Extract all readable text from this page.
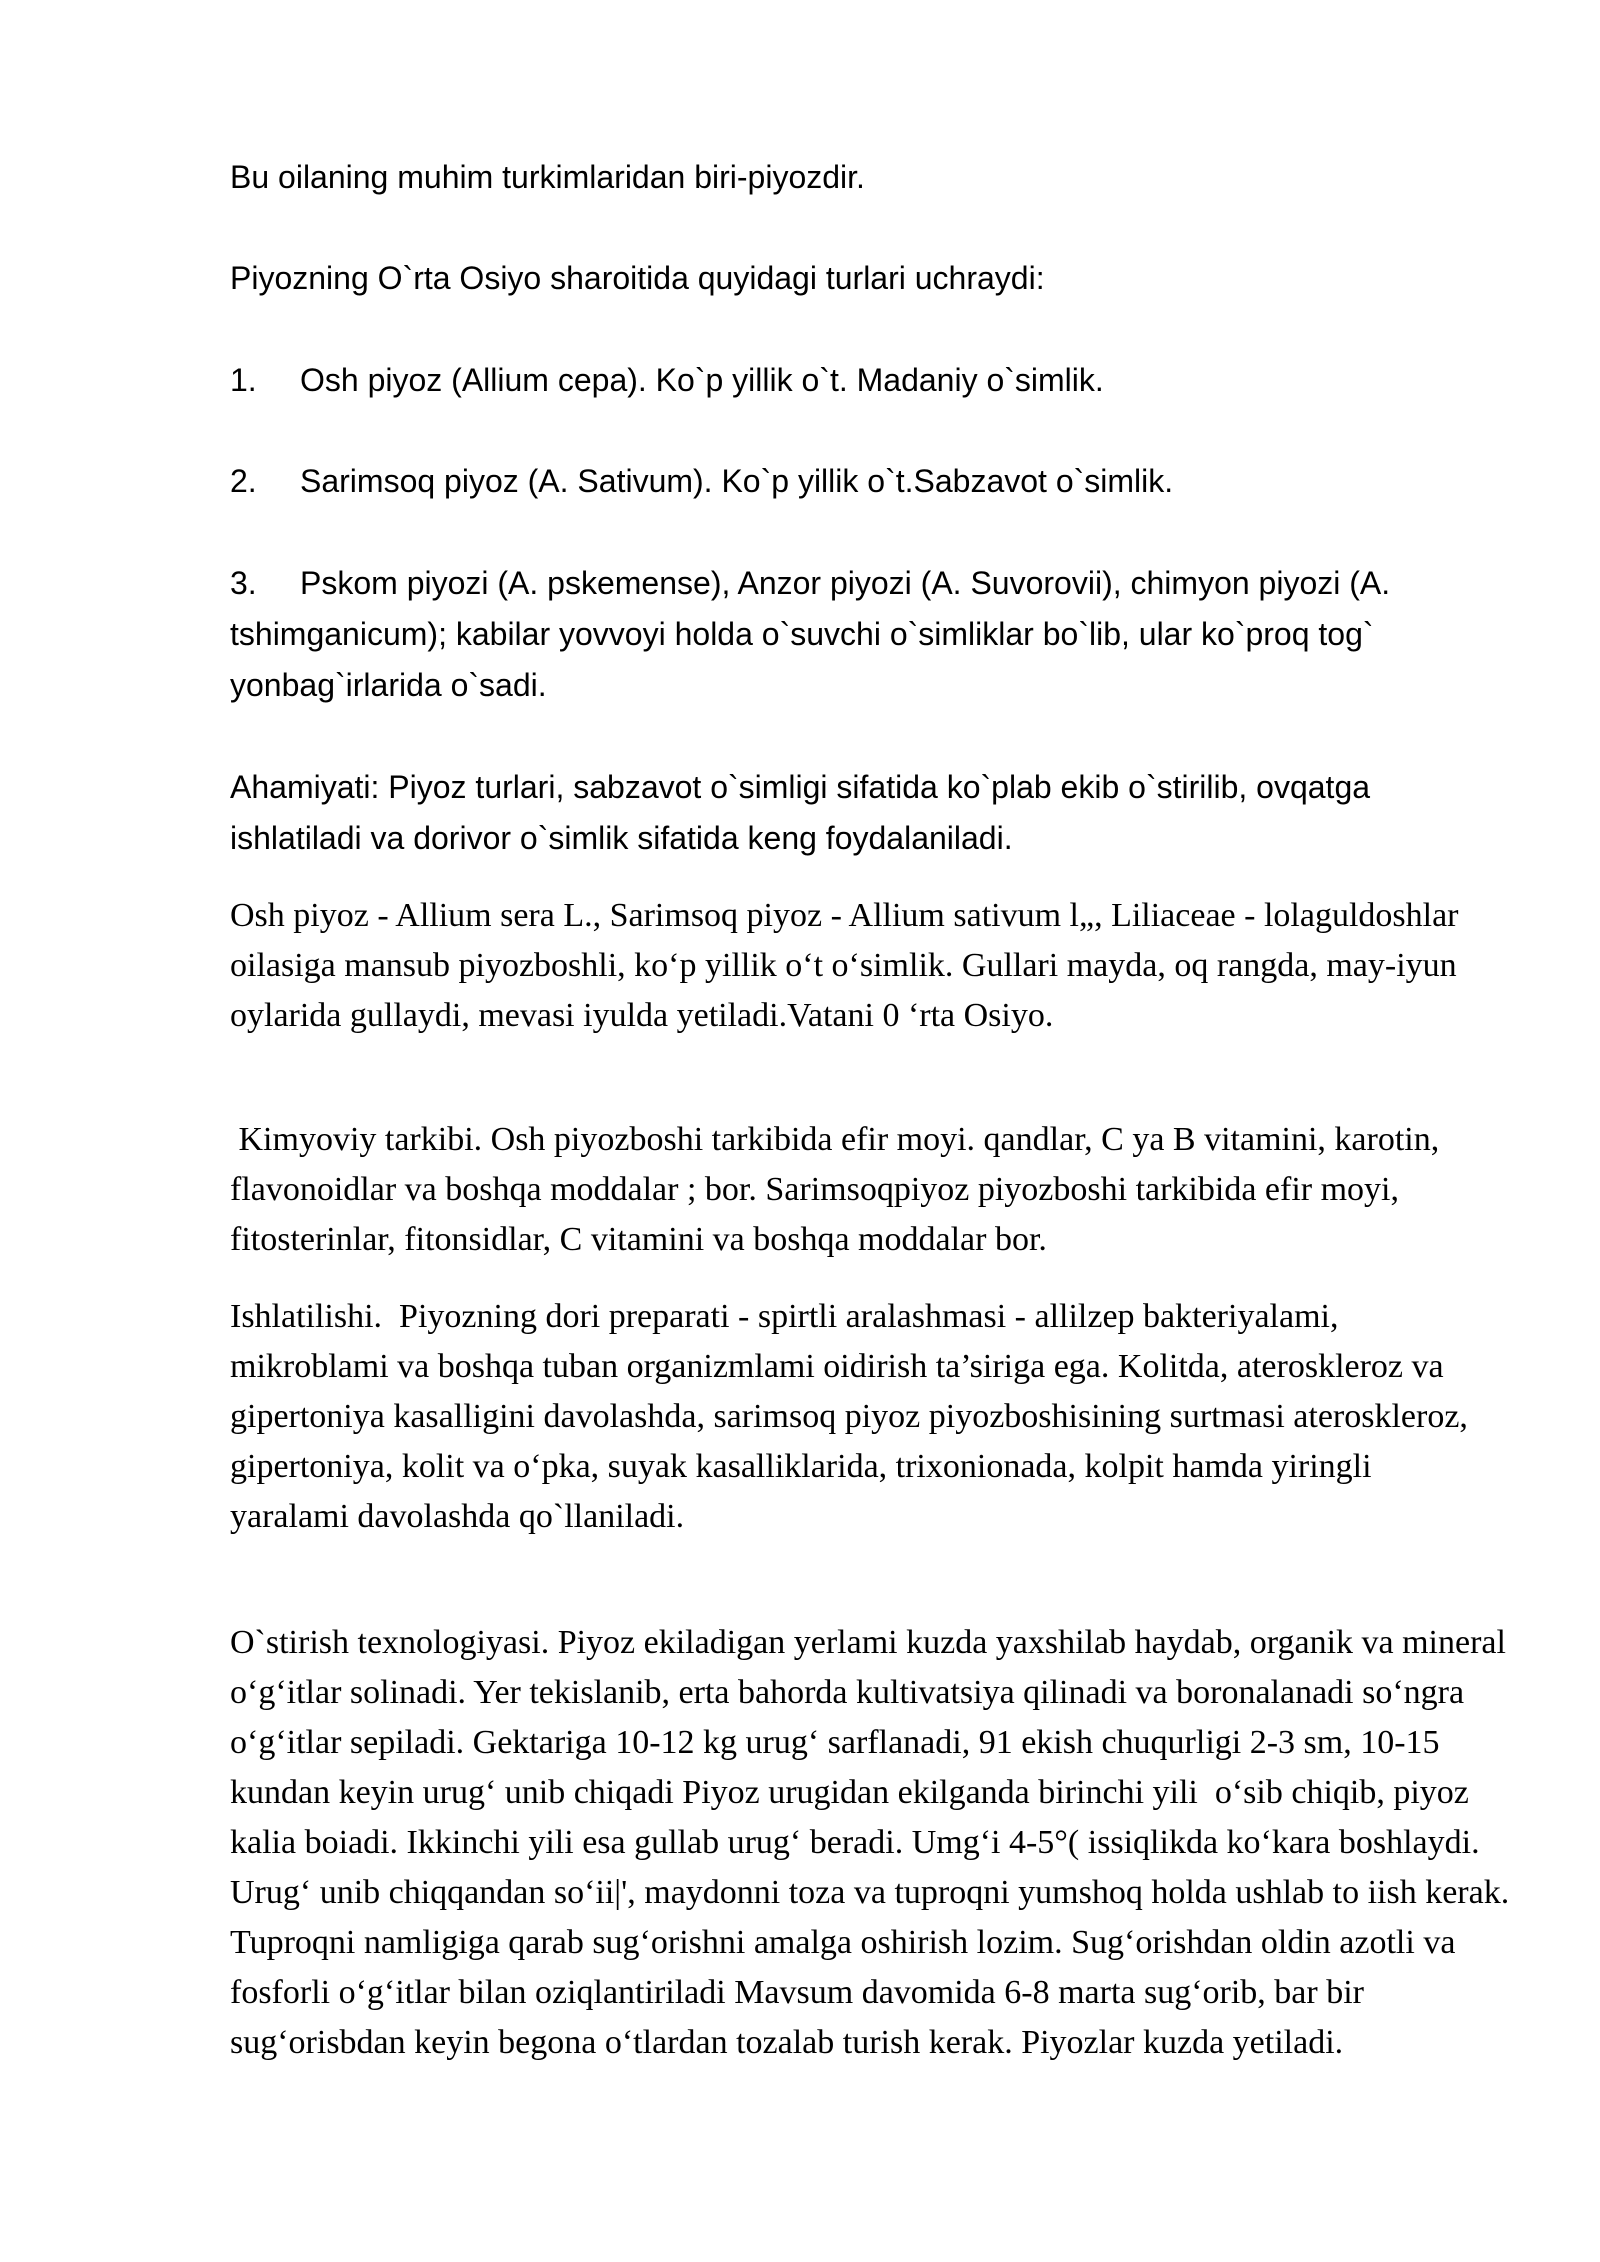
Bu oilaning muhim turkimlaridan biri-piyozdir.

Piyozning O`rta Osiyo sharoitida quyidagi turlari uchraydi:

1. Osh piyoz (Allium cepa). Ko`p yillik o`t. Madaniy o`simlik.

2. Sarimsoq piyoz (A. Sativum). Ko`p yillik o`t.Sabzavot o`simlik.

3. Pskom piyozi (A. pskemense), Anzor piyozi (A. Suvorovii), chimyon piyozi (A. tshimganicum); kabilar yovvoyi holda o`suvchi o`simliklar bo`lib, ular ko`proq tog` yonbag`irlarida o`sadi.

Ahamiyati: Piyoz turlari, sabzavot o`simligi sifatida ko`plab ekib o`stirilib, ovqatga ishlatiladi va dorivor o`simlik sifatida keng foydalaniladi.

Osh piyoz - Allium sera L., Sarimsoq piyoz - Allium sativum l„, Liliaceae - lolaguldoshlar oilasiga mansub piyozboshli, ko‘p yillik o‘t o‘simlik. Gullari mayda, oq rangda, may-iyun oylarida gullaydi, mevasi iyulda yetiladi.Vatani 0 ‘rta Osiyo.

Kimyoviy tarkibi. Osh piyozboshi tarkibida efir moyi. qandlar, C ya B vitamini, karotin, flavonoidlar va boshqa moddalar ; bor. Sarimsoqpiyoz piyozboshi tarkibida efir moyi, fitosterinlar, fitonsidlar, C vitamini va boshqa moddalar bor.

Ishlatilishi.  Piyozning dori preparati - spirtli aralashmasi - allilzep bakteriyalami, mikroblami va boshqa tuban organizmlami oidirish ta’siriga ega. Kolitda, ateroskleroz va gipertoniya kasalligini davolashda, sarimsoq piyoz piyozboshisining surtmasi ateroskleroz, gipertoniya, kolit va o‘pka, suyak kasalliklarida, trixonionada, kolpit hamda yiringli yaralami davolashda qo`llaniladi.

O`stirish texnologiyasi. Piyoz ekiladigan yerlami kuzda yaxshilab haydab, organik va mineral o‘g‘itlar solinadi. Yer tekislanib, erta bahorda kultivatsiya qilinadi va boronalanadi so‘ngra o‘g‘itlar sepiladi. Gektariga 10-12 kg urug‘ sarflanadi, 91 ekish chuqurligi 2-3 sm, 10-15 kundan keyin urug‘ unib chiqadi Piyoz urugidan ekilganda birinchi yili  o‘sib chiqib, piyoz kalia boiadi. Ikkinchi yili esa gullab urug‘ beradi. Umg‘i 4-5°( issiqlikda ko‘kara boshlaydi. Urug‘ unib chiqqandan so‘ii|', maydonni toza va tuproqni yumshoq holda ushlab to iish kerak. Tuproqni namligiga qarab sug‘orishni amalga oshirish lozim. Sug‘orishdan oldin azotli va fosforli o‘g‘itlar bilan oziqlantiriladi Mavsum davomida 6-8 marta sug‘orib, bar bir sug‘orisbdan keyin begona o‘tlardan tozalab turish kerak. Piyozlar kuzda yetiladi.
